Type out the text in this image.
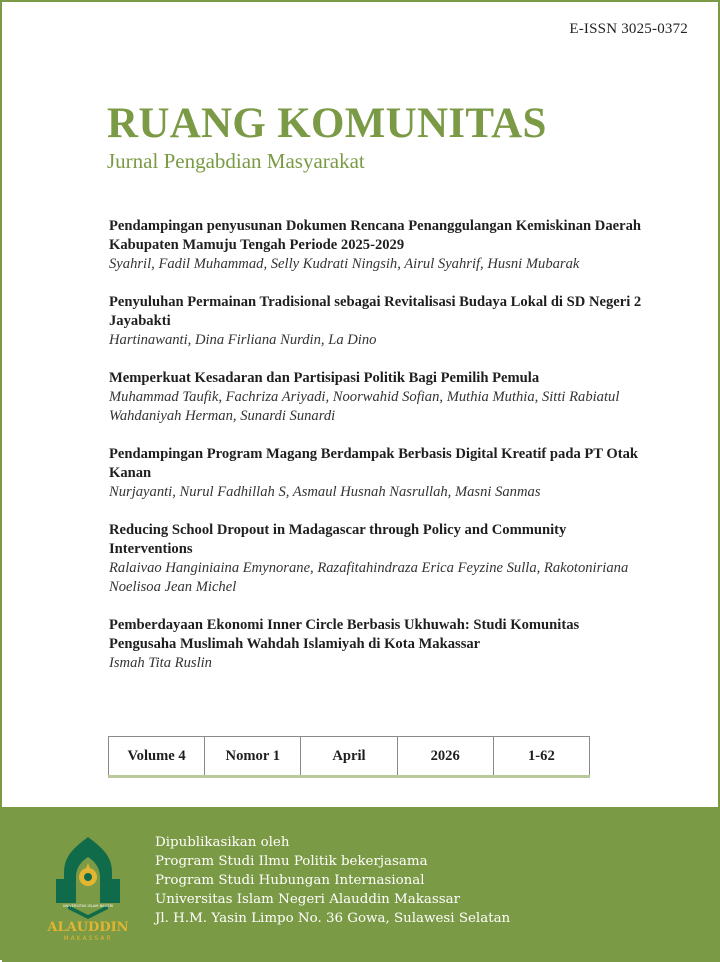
E-ISSN 3025-0372
RUANG KOMUNITAS
Jurnal Pengabdian Masyarakat
Pendampingan penyusunan Dokumen Rencana Penanggulangan Kemiskinan Daerah Kabupaten Mamuju Tengah Periode 2025-2029
Syahril, Fadil Muhammad, Selly Kudrati Ningsih, Airul Syahrif, Husni Mubarak
Penyuluhan Permainan Tradisional sebagai Revitalisasi Budaya Lokal di SD Negeri 2 Jayabakti
Hartinawanti, Dina Firliana Nurdin, La Dino
Memperkuat Kesadaran dan Partisipasi Politik Bagi Pemilih Pemula
Muhammad Taufik, Fachriza Ariyadi, Noorwahid Sofian, Muthia Muthia, Sitti Rabiatul Wahdaniyah Herman, Sunardi Sunardi
Pendampingan Program Magang Berdampak Berbasis Digital Kreatif pada PT Otak Kanan
Nurjayanti, Nurul Fadhillah S, Asmaul Husnah Nasrullah, Masni Sanmas
Reducing School Dropout in Madagascar through Policy and Community Interventions
Ralaivao Hanginiaina Emynorane, Razafitahindraza Erica Feyzine Sulla, Rakotoniriana Noelisoa Jean Michel
Pemberdayaan Ekonomi Inner Circle Berbasis Ukhuwah: Studi Komunitas Pengusaha Muslimah Wahdah Islamiyah di Kota Makassar
Ismah Tita Ruslin
Volume 4	Nomor 1	April	2026	1-62
UNIVERSITAS ISLAM NEGERI
ALAUDDIN
MAKASSAR
Dipublikasikan oleh
Program Studi Ilmu Politik bekerjasama
Program Studi Hubungan Internasional
Universitas Islam Negeri Alauddin Makassar
Jl. H.M. Yasin Limpo No. 36 Gowa, Sulawesi Selatan
